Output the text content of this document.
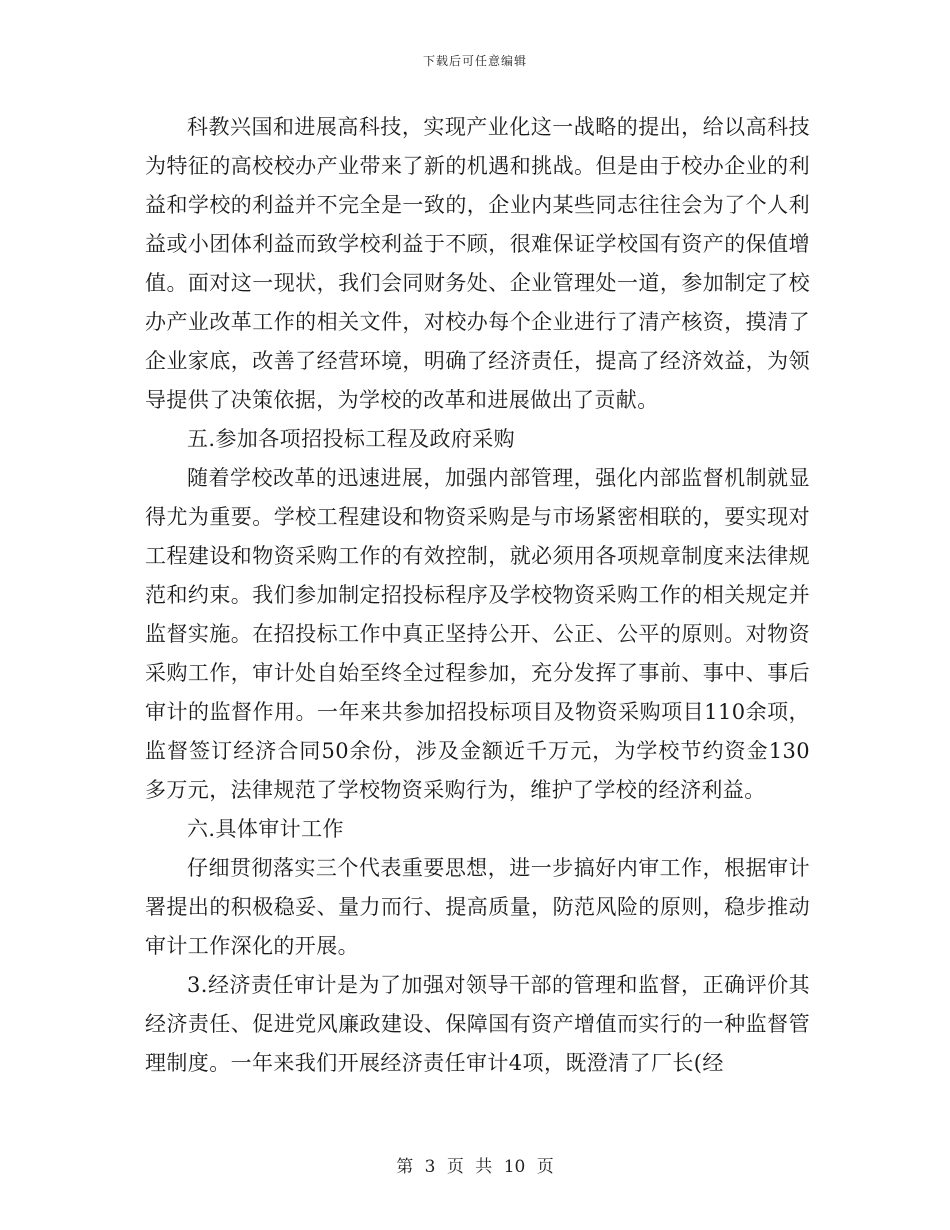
下载后可任意编辑

科教兴国和进展高科技，实现产业化这一战略的提出，给以高科技为特征的高校校办产业带来了新的机遇和挑战。但是由于校办企业的利益和学校的利益并不完全是一致的，企业内某些同志往往会为了个人利益或小团体利益而致学校利益于不顾，很难保证学校国有资产的保值增值。面对这一现状，我们会同财务处、企业管理处一道，参加制定了校办产业改革工作的相关文件，对校办每个企业进行了清产核资，摸清了企业家底，改善了经营环境，明确了经济责任，提高了经济效益，为领导提供了决策依据，为学校的改革和进展做出了贡献。

五.参加各项招投标工程及政府采购

随着学校改革的迅速进展，加强内部管理，强化内部监督机制就显得尤为重要。学校工程建设和物资采购是与市场紧密相联的，要实现对工程建设和物资采购工作的有效控制，就必须用各项规章制度来法律规范和约束。我们参加制定招投标程序及学校物资采购工作的相关规定并监督实施。在招投标工作中真正坚持公开、公正、公平的原则。对物资采购工作，审计处自始至终全过程参加，充分发挥了事前、事中、事后审计的监督作用。一年来共参加招投标项目及物资采购项目110余项，监督签订经济合同50余份，涉及金额近千万元，为学校节约资金130多万元，法律规范了学校物资采购行为，维护了学校的经济利益。

六.具体审计工作

仔细贯彻落实三个代表重要思想，进一步搞好内审工作，根据审计署提出的积极稳妥、量力而行、提高质量，防范风险的原则，稳步推动审计工作深化的开展。

3.经济责任审计是为了加强对领导干部的管理和监督，正确评价其经济责任、促进党风廉政建设、保障国有资产增值而实行的一种监督管理制度。一年来我们开展经济责任审计4项，既澄清了厂长(经

第 3 页 共 10 页
